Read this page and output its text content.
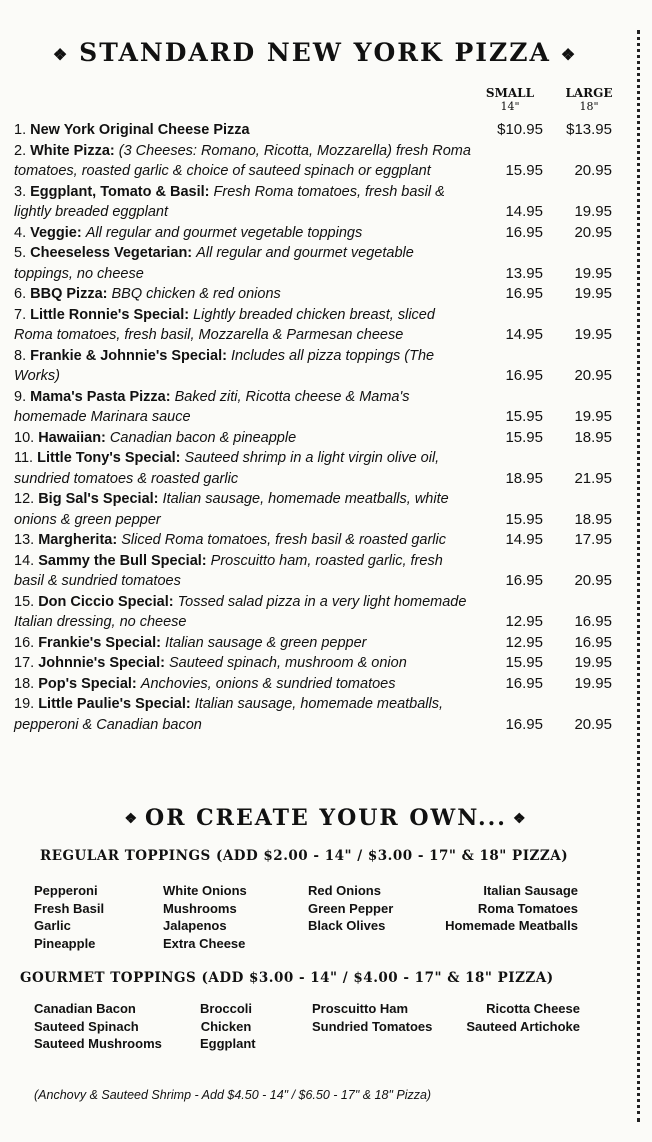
❖ STANDARD NEW YORK PIZZA ❖
SMALL
14"
LARGE
18"
1. New York Original Cheese Pizza	$10.95	$13.95
2. White Pizza: (3 Cheeses: Romano, Ricotta, Mozzarella) fresh Roma tomatoes, roasted garlic & choice of sauteed spinach or eggplant	15.95	20.95
3. Eggplant, Tomato & Basil: Fresh Roma tomatoes, fresh basil & lightly breaded eggplant	14.95	19.95
4. Veggie: All regular and gourmet vegetable toppings	16.95	20.95
5. Cheeseless Vegetarian: All regular and gourmet vegetable toppings, no cheese	13.95	19.95
6. BBQ Pizza: BBQ chicken & red onions	16.95	19.95
7. Little Ronnie's Special: Lightly breaded chicken breast, sliced Roma tomatoes, fresh basil, Mozzarella & Parmesan cheese	14.95	19.95
8. Frankie & Johnnie's Special: Includes all pizza toppings (The Works)	16.95	20.95
9. Mama's Pasta Pizza: Baked ziti, Ricotta cheese & Mama's homemade Marinara sauce	15.95	19.95
10. Hawaiian: Canadian bacon & pineapple	15.95	18.95
11. Little Tony's Special: Sauteed shrimp in a light virgin olive oil, sundried tomatoes & roasted garlic	18.95	21.95
12. Big Sal's Special: Italian sausage, homemade meatballs, white onions & green pepper	15.95	18.95
13. Margherita: Sliced Roma tomatoes, fresh basil & roasted garlic	14.95	17.95
14. Sammy the Bull Special: Proscuitto ham, roasted garlic, fresh basil & sundried tomatoes	16.95	20.95
15. Don Ciccio Special: Tossed salad pizza in a very light homemade Italian dressing, no cheese	12.95	16.95
16. Frankie's Special: Italian sausage & green pepper	12.95	16.95
17. Johnnie's Special: Sauteed spinach, mushroom & onion	15.95	19.95
18. Pop's Special: Anchovies, onions & sundried tomatoes	16.95	19.95
19. Little Paulie's Special: Italian sausage, homemade meatballs, pepperoni & Canadian bacon	16.95	20.95
❖ OR CREATE YOUR OWN... ❖
REGULAR TOPPINGS (ADD $2.00 - 14" / $3.00 - 17" & 18" PIZZA)
Pepperoni
Fresh Basil
Garlic
Pineapple
White Onions
Mushrooms
Jalapenos
Extra Cheese
Red Onions
Green Pepper
Black Olives
Italian Sausage
Roma Tomatoes
Homemade Meatballs
GOURMET TOPPINGS (ADD $3.00 - 14" / $4.00 - 17" & 18" PIZZA)
Canadian Bacon
Sauteed Spinach
Sauteed Mushrooms
Broccoli
Chicken
Eggplant
Proscuitto Ham
Sundried Tomatoes
Ricotta Cheese
Sauteed Artichoke
(Anchovy & Sauteed Shrimp - Add $4.50 - 14" / $6.50 - 17" & 18" Pizza)
